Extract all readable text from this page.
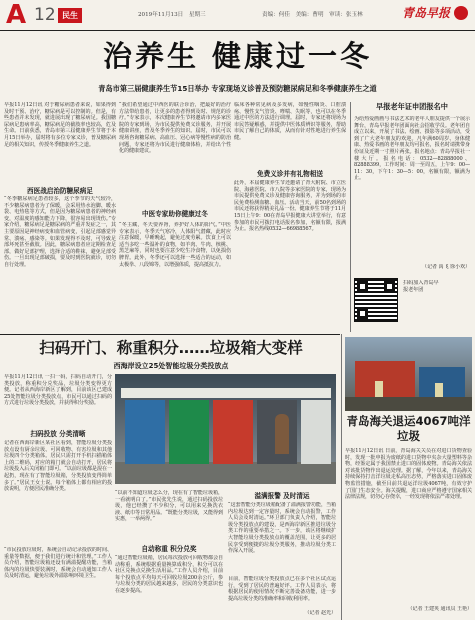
A 12 民生	2019年11月13日　星期三	责编：何佳　美编：曹明　审读：张玉林	青岛早报
治养生 健康过一冬
青岛市第三届健康养生节15日举办 专家现场义诊普及预防糖尿病足和冬季健康养生之道
早报11月12日讯 对于糖尿病患者来说，如果得到及时干预、治疗，糖尿病是可以控制的。但是，有些患者并未发现，就进展出现了糖尿病足。我国糖尿病足患病率高，糖尿病足的截肢率也较高，危及生命。日前获悉，青岛市第三届健康养生节将于本月15日举办，届时将有多位专家义诊，普及糖尿病足的相关知识，传授冬季健康养生之道。
西医战启治防糖尿病足
“冬季糖尿病足患者较多，这个季节的天气较冷，不少糖尿病患者为了保暖，会采用热水泡脚、暖水袋、电热毯等方式，但是因为糖尿病患者的神经病变，对温度的感知能力下降，很容易出现烫伤。”专家介绍，糖尿病足是糖尿病的严重并发症之一，其主要原因是神经病变和血管病变，引起足部感觉异常、溃疡、感染等。如果发现得不及时，可导致足部坏死甚至截肢。因此，糖尿病患者应定期检查足部，做好足部护理，选择合适的鞋袜，避免足部受伤。一旦出现足部破损，要及时到医院就诊，切勿自行处理。
“我们希望通过中西医的联合诊治，把最好的治疗方法带给患者，让更多的患者得到及时、规范的诊疗。”专家表示，本次健康养生节将邀请市内多家医院的专家到场，为市民提供免费义诊服务，并开展健康讲座，普及冬季养生的知识。届时，市民可以现场咨询糖尿病、高血压、冠心病等慢性病的防治问题，专家还将为市民进行健康体检，并给出个性化的健康建议。
中医专家助你健康过冬
“冬主藏，冬天要养肾，养护好人体的阳气。”中医专家表示，冬季天气寒冷，人体阳气潜藏，此时应注意保暖，早睡晚起，避免过度劳累。饮食上可以适当多吃一些温补的食物，如羊肉、牛肉、核桃、黑芝麻等，同时也要注意少吃生冷食物，以免损伤脾胃。此外，冬季还可以选择一些适合的运动，如太极拳、八段锦等，以增强体质，提高抵抗力。
临床各种常见病及多发病，如慢性咽炎、口腔溃疡、慢性支气管炎、哮喘、失眠等，也可以在冬季通过中医的方法进行调理。届时，专家还将现场为市民答疑解惑，并提供中医体质辨识等服务，帮助市民了解自己的体质，从而有针对性地进行养生保健。
免费义诊并有礼物相送
此外，本届健康养生节还邀请了青大附院、市立医院、海慈医院、市八院等多家医院的专家，现场为市民提供免费义诊及健康咨询服务，并为到场的市民免费检测血糖、血压。活动当天，前50名到场的市民还将获得精美礼品一份。健康养生节将于11月15日上午9：00在青岛早报健康大讲堂举行，有意参加的市民可拨打电话报名参加，名额有限，报满为止。报名热线0532—66988567。
早报老年证申团报名中
为给热爱画画与书法艺术的老年人朋友提供一个展示舞台，青岛早报老年团面向社会招收学员。老年团自成立以来，开展了书法、绘画、摄影等多项活动，受到了广大老年朋友的欢迎。凡年满60周岁、身体健康、热爱书画的老年朋友均可报名，报名时请携带身份证及近期一寸照片两张。报名地点：青岛早报社一楼大厅。报名电话：0532—82888000、82888399，工作时间：周一至周五，上午9：00—11：30，下午1：30—5：00，名额有限，额满为止。
（记者 禹飞 徐小欢）
扫码加入青岛早报老年团
扫码开门、称重积分……垃圾箱大变样
西海岸设立25处智能垃圾分类投放点
早报11月12日讯 一扫一码，扫码自动开门，分类投放，称重积分兑奖品，垃圾分类变得更方便。记者从西海岸新区了解到，目前该区已建成25处智能垃圾分类投放点，市民可以通过扫码的方式进行垃圾分类投放，并获得积分奖励。
扫码投放 分类清晰
记者在西海岸新区某社区看到，智能垃圾分类投放点设有厨余垃圾、可回收物、有害垃圾和其他垃圾四个分类箱体。居民只需打开手机扫描箱体上的二维码，对应的箱门就会自动打开，居民将垃圾投入后关闭箱门即可。“以前垃圾都是混在一起扔，现在有了智能垃圾箱，分类投放变得简单多了。”居民王女士说。每个箱体上都有相应的投放说明，方便居民准确分类。
“市民投放垃圾时，系统会自动记录投放的时间、重量等数据，便于我们进行统计和管理。”工作人员介绍，智能垃圾箱还设有满溢提醒功能，当箱体内的垃圾快要装满时，系统会自动通知工作人员及时清运，避免垃圾外溢影响环境卫生。
“以前不知道垃圾怎么分，现在有了智能垃圾箱，一看就明白了。”市民张先生说，通过扫码投放垃圾，他已经攒了不少积分，可以用来兑换洗衣液、纸巾等日常用品。“既能分类垃圾，又能得到实惠，一举两得。”
自动称重 积分兑奖
“通过智能垃圾箱，居民每次投放可回收物都会自动称重，系统根据重量换算成积分，积分可以在社区兑换点兑换生活用品。”工作人员介绍，目前每个投放点平均每天可回收垃圾200余公斤，参与垃圾分类的居民越来越多，居民的分类意识也在逐步提高。
溢满报警 及时清运
“这套智能分类垃圾箱配备了溢满报警功能，当箱内垃圾达到一定容量时，系统会自动报警，工作人员会及时清运。”环卫部门负责人介绍，智能垃圾分类投放点的建设，是西海岸新区推进垃圾分类工作的重要举措之一。下一步，该区将继续扩大智能垃圾分类投放点的覆盖范围，让更多的居民享受到便捷的垃圾分类服务，推动垃圾分类工作深入开展。
目前，智能垃圾分类投放点已在多个社区试点运行，受到了居民的普遍好评。工作人员表示，将根据居民的使用情况不断完善设备功能，进一步提高垃圾分类的准确率和回收利用率。
（记者 赵光）
青岛海关退运4067吨洋垃圾
早报11月12日讯 日前，青岛海关关员在对进口货物查验时，发现一批申报为废纸的进口货物中夹杂大量塑料等杂物，经鉴定属于我国禁止进口的固体废物。青岛海关依法对该批货物作出退运处理。据了解，今年以来，青岛海关持续保持打击洋垃圾走私高压态势，严格落实进口固体废物监管措施，截至目前共退运洋垃圾4067吨，有效守护了国门生态安全。海关提醒，进口商应严格遵守国家相关法律法规，切勿心存侥幸，一经发现将依法严肃处理。
（记者 王建英 通讯员 王艳）
